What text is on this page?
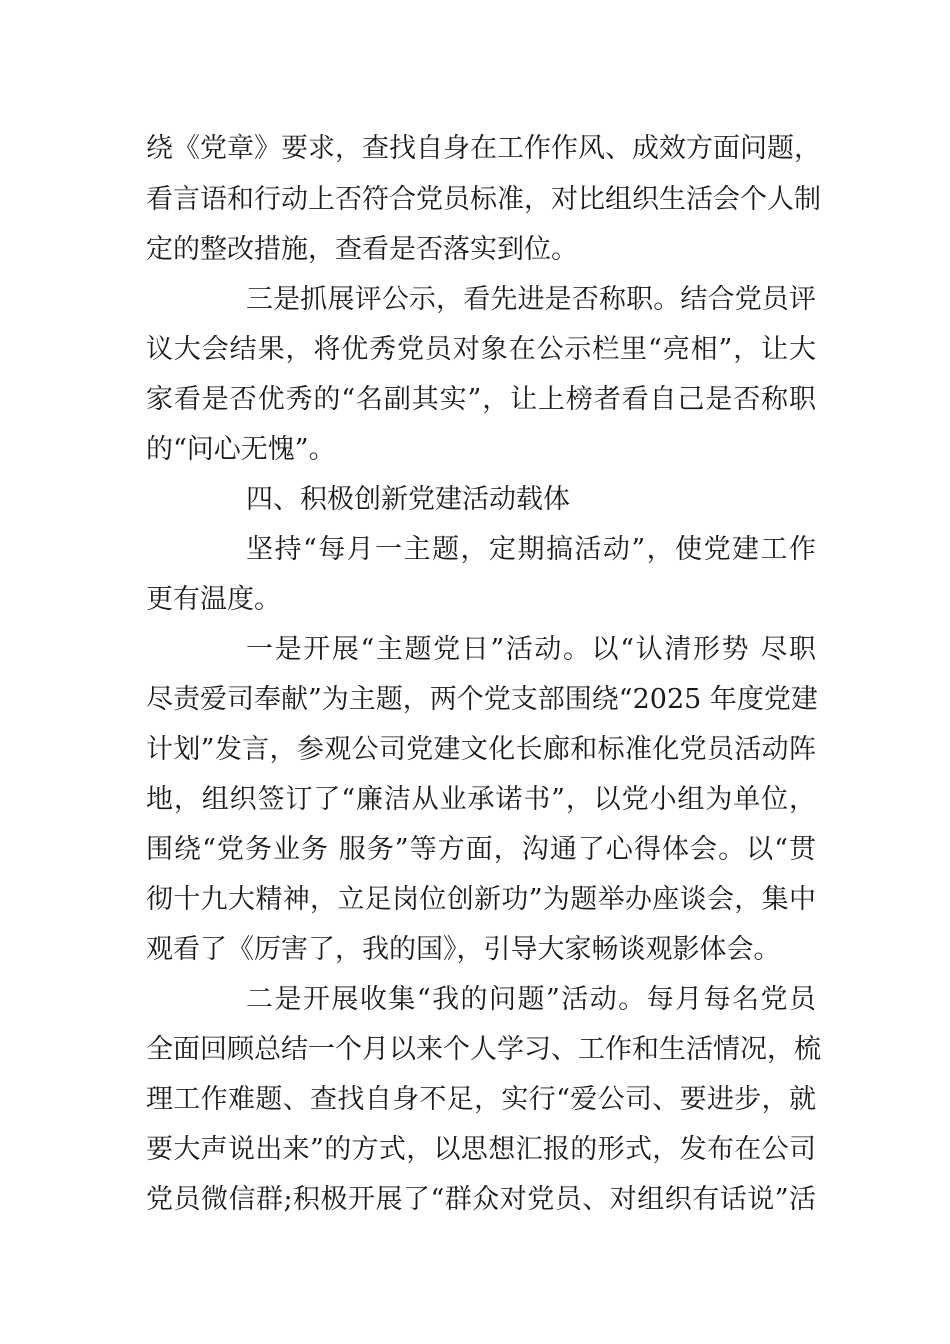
绕《党章》要求，查找自身在工作作风、成效方面问题，
看言语和行动上否符合党员标准，对比组织生活会个人制
定的整改措施，查看是否落实到位。
三是抓展评公示，看先进是否称职。结合党员评
议大会结果，将优秀党员对象在公示栏里“亮相”，让大
家看是否优秀的“名副其实”，让上榜者看自己是否称职
的“问心无愧”。
四、积极创新党建活动载体
坚持“每月一主题，定期搞活动”，使党建工作
更有温度。
一是开展“主题党日”活动。以“认清形势 尽职
尽责爱司奉献”为主题，两个党支部围绕“2025 年度党建
计划”发言，参观公司党建文化长廊和标准化党员活动阵
地，组织签订了“廉洁从业承诺书”，以党小组为单位，
围绕“党务业务 服务”等方面，沟通了心得体会。以“贯
彻十九大精神，立足岗位创新功”为题举办座谈会，集中
观看了《厉害了，我的国》，引导大家畅谈观影体会。
二是开展收集“我的问题”活动。每月每名党员
全面回顾总结一个月以来个人学习、工作和生活情况，梳
理工作难题、查找自身不足，实行“爱公司、要进步，就
要大声说出来”的方式，以思想汇报的形式，发布在公司
党员微信群;积极开展了“群众对党员、对组织有话说”活
